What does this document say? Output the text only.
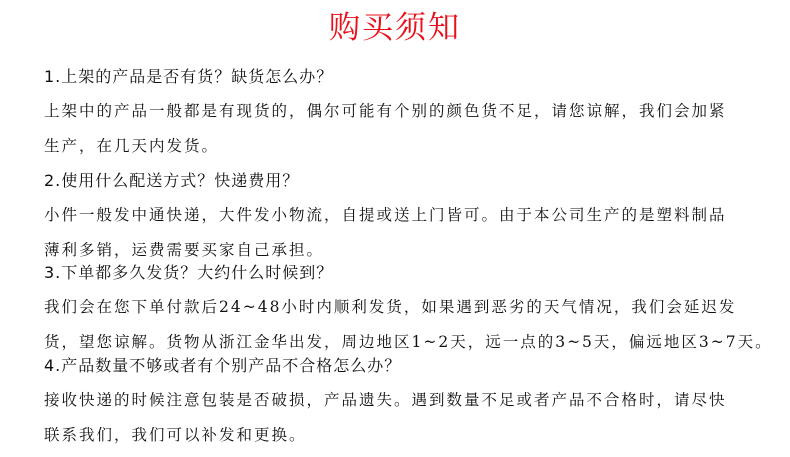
购买须知
1.上架的产品是否有货？缺货怎么办？
上架中的产品一般都是有现货的，偶尔可能有个别的颜色货不足，请您谅解，我们会加紧
生产，在几天内发货。
2.使用什么配送方式？快递费用？
小件一般发中通快递，大件发小物流，自提或送上门皆可。由于本公司生产的是塑料制品
薄利多销，运费需要买家自己承担。
3.下单都多久发货？大约什么时候到？
我们会在您下单付款后24~48小时内顺利发货，如果遇到恶劣的天气情况，我们会延迟发
货，望您谅解。货物从浙江金华出发，周边地区1~2天，远一点的3~5天，偏远地区3~7天。
4.产品数量不够或者有个别产品不合格怎么办？
接收快递的时候注意包装是否破损，产品遗失。遇到数量不足或者产品不合格时，请尽快
联系我们，我们可以补发和更换。
